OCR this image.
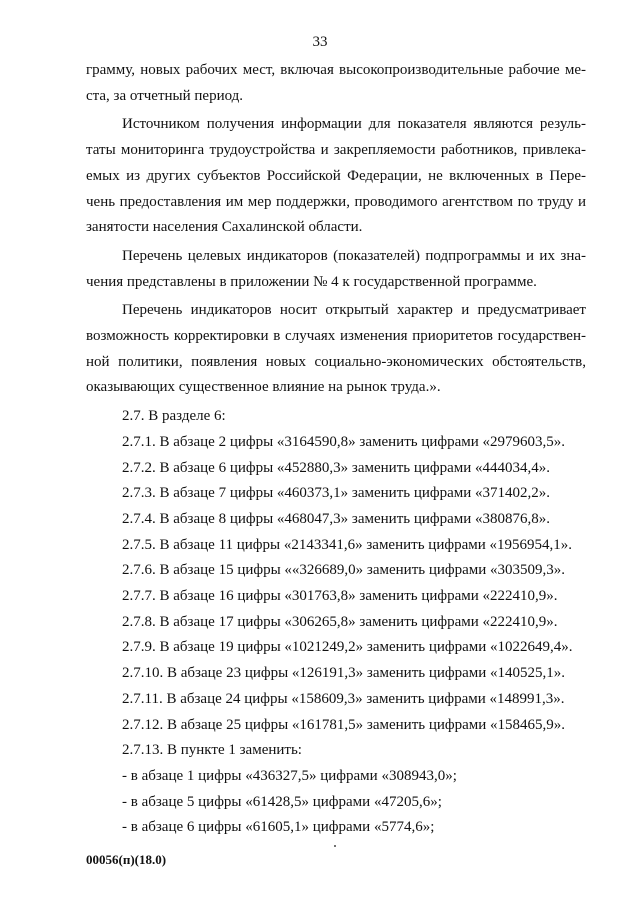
33

грамму, новых рабочих мест, включая высокопроизводительные рабочие ме-

ста, за отчетный период.

Источником получения информации для показателя являются резуль-

таты мониторинга трудоустройства и закрепляемости работников, привлека-

емых из других субъектов Российской Федерации, не включенных в Пере-

чень предоставления им мер поддержки, проводимого агентством по труду и

занятости населения Сахалинской области.

Перечень целевых индикаторов (показателей) подпрограммы и их зна-

чения представлены в приложении № 4 к государственной программе.

Перечень индикаторов носит открытый характер и предусматривает

возможность корректировки в случаях изменения приоритетов государствен-

ной политики, появления новых социально-экономических обстоятельств,

оказывающих существенное влияние на рынок труда.».

2.7. В разделе 6:

2.7.1. В абзаце 2 цифры «3164590,8» заменить цифрами «2979603,5».

2.7.2. В абзаце 6 цифры «452880,3» заменить цифрами «444034,4».

2.7.3. В абзаце 7 цифры «460373,1» заменить цифрами «371402,2».

2.7.4. В абзаце 8 цифры «468047,3» заменить цифрами «380876,8».

2.7.5. В абзаце 11 цифры «2143341,6» заменить цифрами «1956954,1».

2.7.6. В абзаце 15 цифры ««326689,0» заменить цифрами «303509,3».

2.7.7. В абзаце 16 цифры «301763,8» заменить цифрами «222410,9».

2.7.8. В абзаце 17 цифры «306265,8» заменить цифрами «222410,9».

2.7.9. В абзаце 19 цифры «1021249,2» заменить цифрами «1022649,4».

2.7.10. В абзаце 23 цифры «126191,3» заменить цифрами «140525,1».

2.7.11. В абзаце 24 цифры «158609,3» заменить цифрами «148991,3».

2.7.12. В абзаце 25 цифры «161781,5» заменить цифрами «158465,9».

2.7.13. В пункте 1 заменить:

- в абзаце 1 цифры «436327,5» цифрами «308943,0»;

- в абзаце 5 цифры «61428,5» цифрами «47205,6»;

- в абзаце 6 цифры «61605,1» цифрами «5774,6»;

00056(п)(18.0)
